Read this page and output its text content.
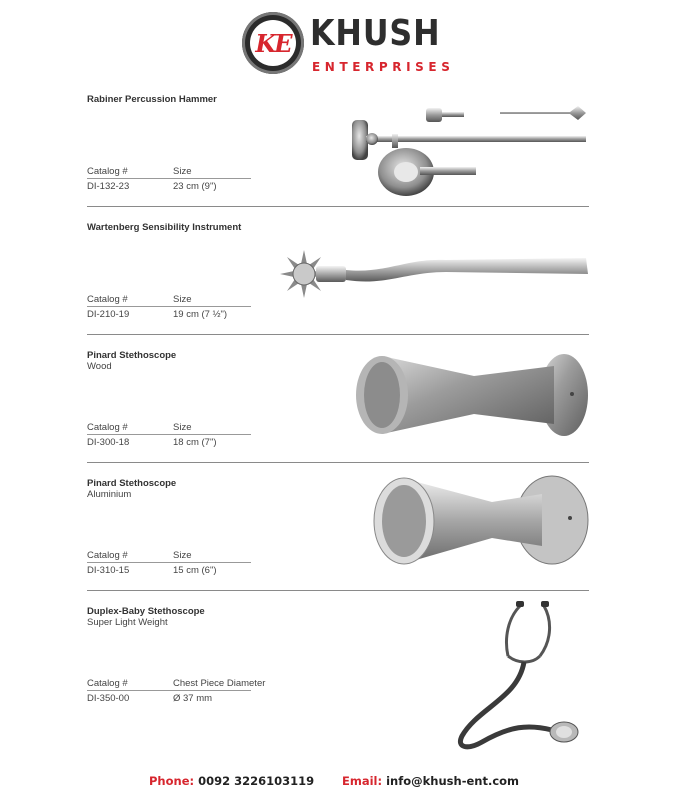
KE KHUSH
ENTERPRISES
Rabiner Percussion Hammer
Catalog #	Size
DI-132-23	23 cm (9")
Wartenberg Sensibility Instrument
Catalog #	Size
DI-210-19	19 cm (7 ½")
Pinard Stethoscope
Wood
Catalog #	Size
DI-300-18	18 cm (7")
Pinard Stethoscope
Aluminium
Catalog #	Size
DI-310-15	15 cm (6")
Duplex-Baby Stethoscope
Super Light Weight
Catalog #	Chest Piece Diameter
DI-350-00	Ø 37 mm
Phone: 0092 3226103119 Email: info@khush-ent.com
